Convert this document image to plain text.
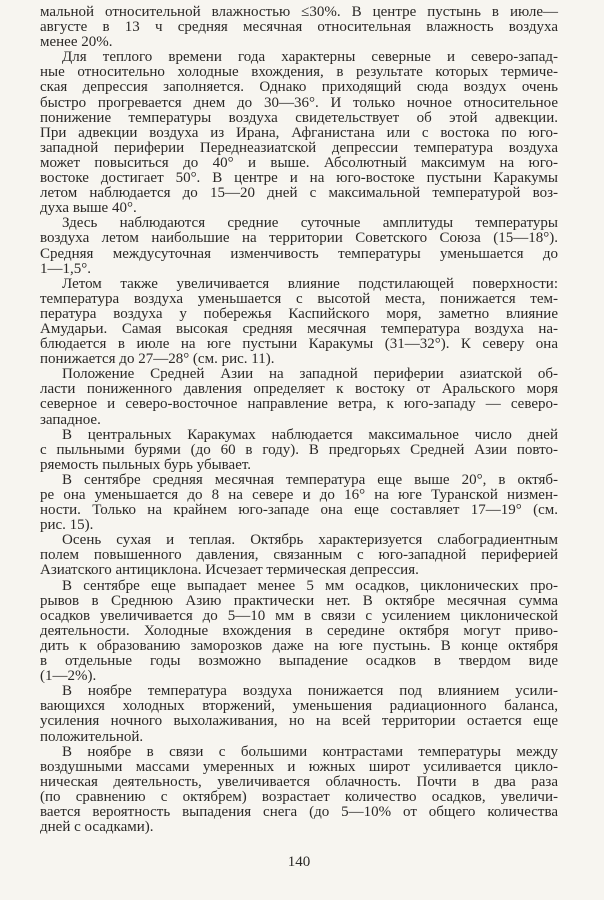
мальной относительной влажностью ≤30%. В центре пустынь в июле—
августе в 13 ч средняя месячная относительная влажность воздуха
менее 20%.
Для теплого времени года характерны северные и северо-запад-
ные относительно холодные вхождения, в результате которых термиче-
ская депрессия заполняется. Однако приходящий сюда воздух очень
быстро прогревается днем до 30—36°. И только ночное относительное
понижение температуры воздуха свидетельствует об этой адвекции.
При адвекции воздуха из Ирана, Афганистана или с востока по юго-
западной периферии Переднеазиатской депрессии температура воздуха
может повыситься до 40° и выше. Абсолютный максимум на юго-
востоке достигает 50°. В центре и на юго-востоке пустыни Каракумы
летом наблюдается до 15—20 дней с максимальной температурой воз-
духа выше 40°.
Здесь наблюдаются средние суточные амплитуды температуры
воздуха летом наибольшие на территории Советского Союза (15—18°).
Средняя междусуточная изменчивость температуры уменьшается до
1—1,5°.
Летом также увеличивается влияние подстилающей поверхности:
температура воздуха уменьшается с высотой места, понижается тем-
пература воздуха у побережья Каспийского моря, заметно влияние
Амударьи. Самая высокая средняя месячная температура воздуха на-
блюдается в июле на юге пустыни Каракумы (31—32°). К северу она
понижается до 27—28° (см. рис. 11).
Положение Средней Азии на западной периферии азиатской об-
ласти пониженного давления определяет к востоку от Аральского моря
северное и северо-восточное направление ветра, к юго-западу — северо-
западное.
В центральных Каракумах наблюдается максимальное число дней
с пыльными бурями (до 60 в году). В предгорьях Средней Азии повто-
ряемость пыльных бурь убывает.
В сентябре средняя месячная температура еще выше 20°, в октяб-
ре она уменьшается до 8 на севере и до 16° на юге Туранской низмен-
ности. Только на крайнем юго-западе она еще составляет 17—19° (см.
рис. 15).
Осень сухая и теплая. Октябрь характеризуется слабоградиентным
полем повышенного давления, связанным с юго-западной периферией
Азиатского антициклона. Исчезает термическая депрессия.
В сентябре еще выпадает менее 5 мм осадков, циклонических про-
рывов в Среднюю Азию практически нет. В октябре месячная сумма
осадков увеличивается до 5—10 мм в связи с усилением циклонической
деятельности. Холодные вхождения в середине октября могут приво-
дить к образованию заморозков даже на юге пустынь. В конце октября
в отдельные годы возможно выпадение осадков в твердом виде
(1—2%).
В ноябре температура воздуха понижается под влиянием усили-
вающихся холодных вторжений, уменьшения радиационного баланса,
усиления ночного выхолаживания, но на всей территории остается еще
положительной.
В ноябре в связи с большими контрастами температуры между
воздушными массами умеренных и южных широт усиливается цикло-
ническая деятельность, увеличивается облачность. Почти в два раза
(по сравнению с октябрем) возрастает количество осадков, увеличи-
вается вероятность выпадения снега (до 5—10% от общего количества
дней с осадками).
140
